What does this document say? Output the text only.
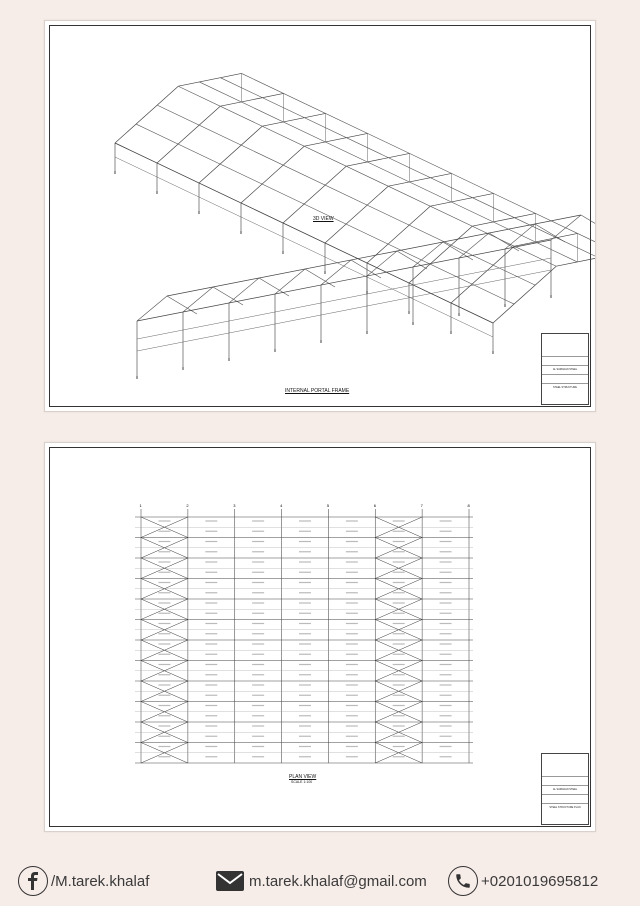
3D VIEW
INTERNAL PORTAL FRAME
AL SARDAAN STEEL
STEEL STRUCTURE
1	2	3	4	5	6	7	8
PLAN VIEW
SCALE 1:100
AL SARDAAN STEEL
STEEL STRUCTURE PLAN
/M.tarek.khalaf	m.tarek.khalaf@gmail.com	+0201019695812
